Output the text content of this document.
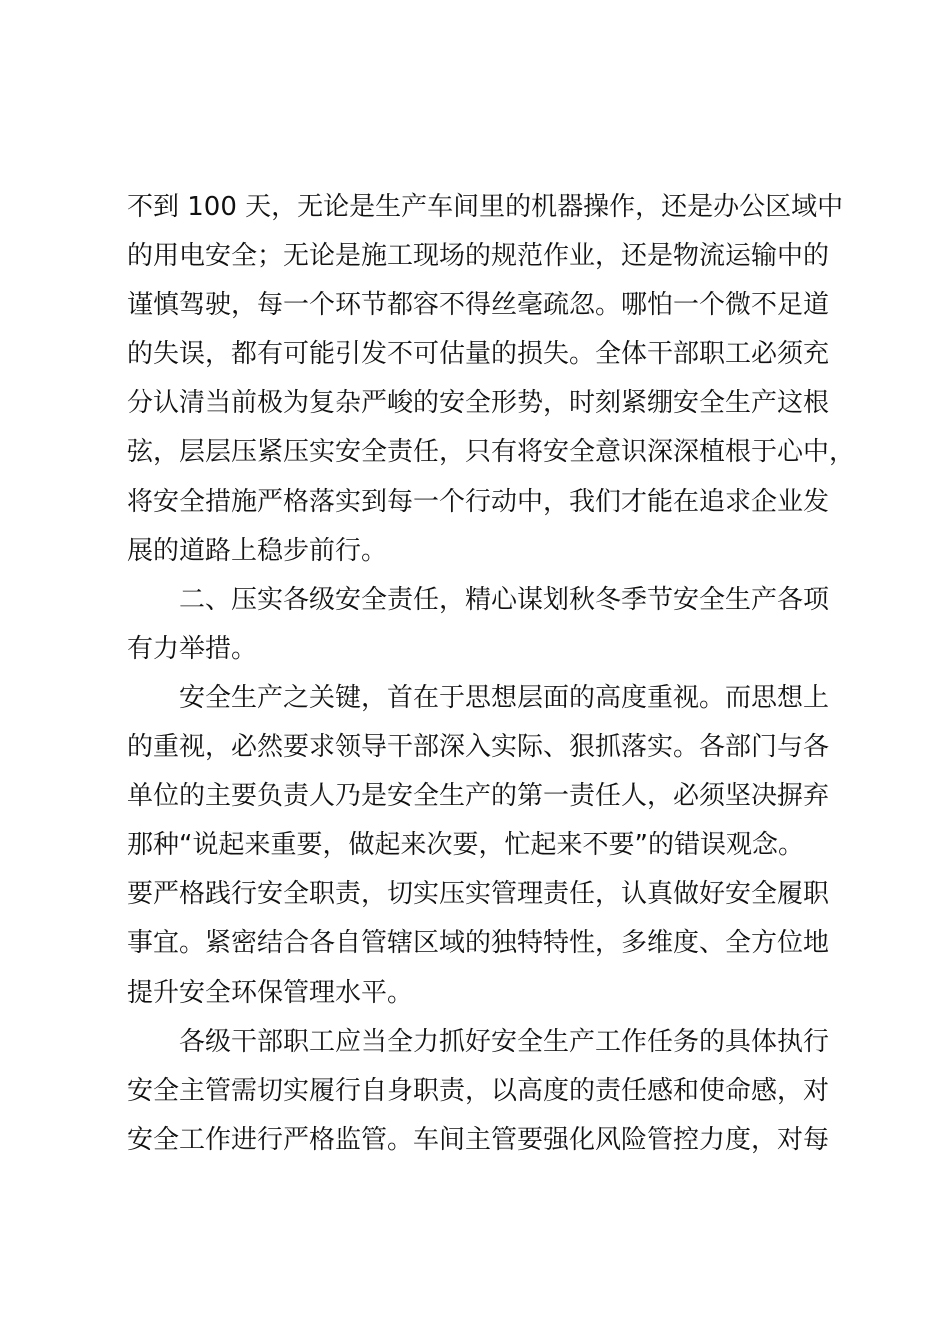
不到 100 天，无论是生产车间里的机器操作，还是办公区域中
的用电安全；无论是施工现场的规范作业，还是物流运输中的
谨慎驾驶，每一个环节都容不得丝毫疏忽。哪怕一个微不足道
的失误，都有可能引发不可估量的损失。全体干部职工必须充
分认清当前极为复杂严峻的安全形势，时刻紧绷安全生产这根
弦，层层压紧压实安全责任，只有将安全意识深深植根于心中，
将安全措施严格落实到每一个行动中，我们才能在追求企业发
展的道路上稳步前行。
二、压实各级安全责任，精心谋划秋冬季节安全生产各项
有力举措。
安全生产之关键，首在于思想层面的高度重视。而思想上
的重视，必然要求领导干部深入实际、狠抓落实。各部门与各
单位的主要负责人乃是安全生产的第一责任人，必须坚决摒弃
那种“说起来重要，做起来次要，忙起来不要”的错误观念。
要严格践行安全职责，切实压实管理责任，认真做好安全履职
事宜。紧密结合各自管辖区域的独特特性，多维度、全方位地
提升安全环保管理水平。
各级干部职工应当全力抓好安全生产工作任务的具体执行
安全主管需切实履行自身职责，以高度的责任感和使命感，对
安全工作进行严格监管。车间主管要强化风险管控力度，对每
